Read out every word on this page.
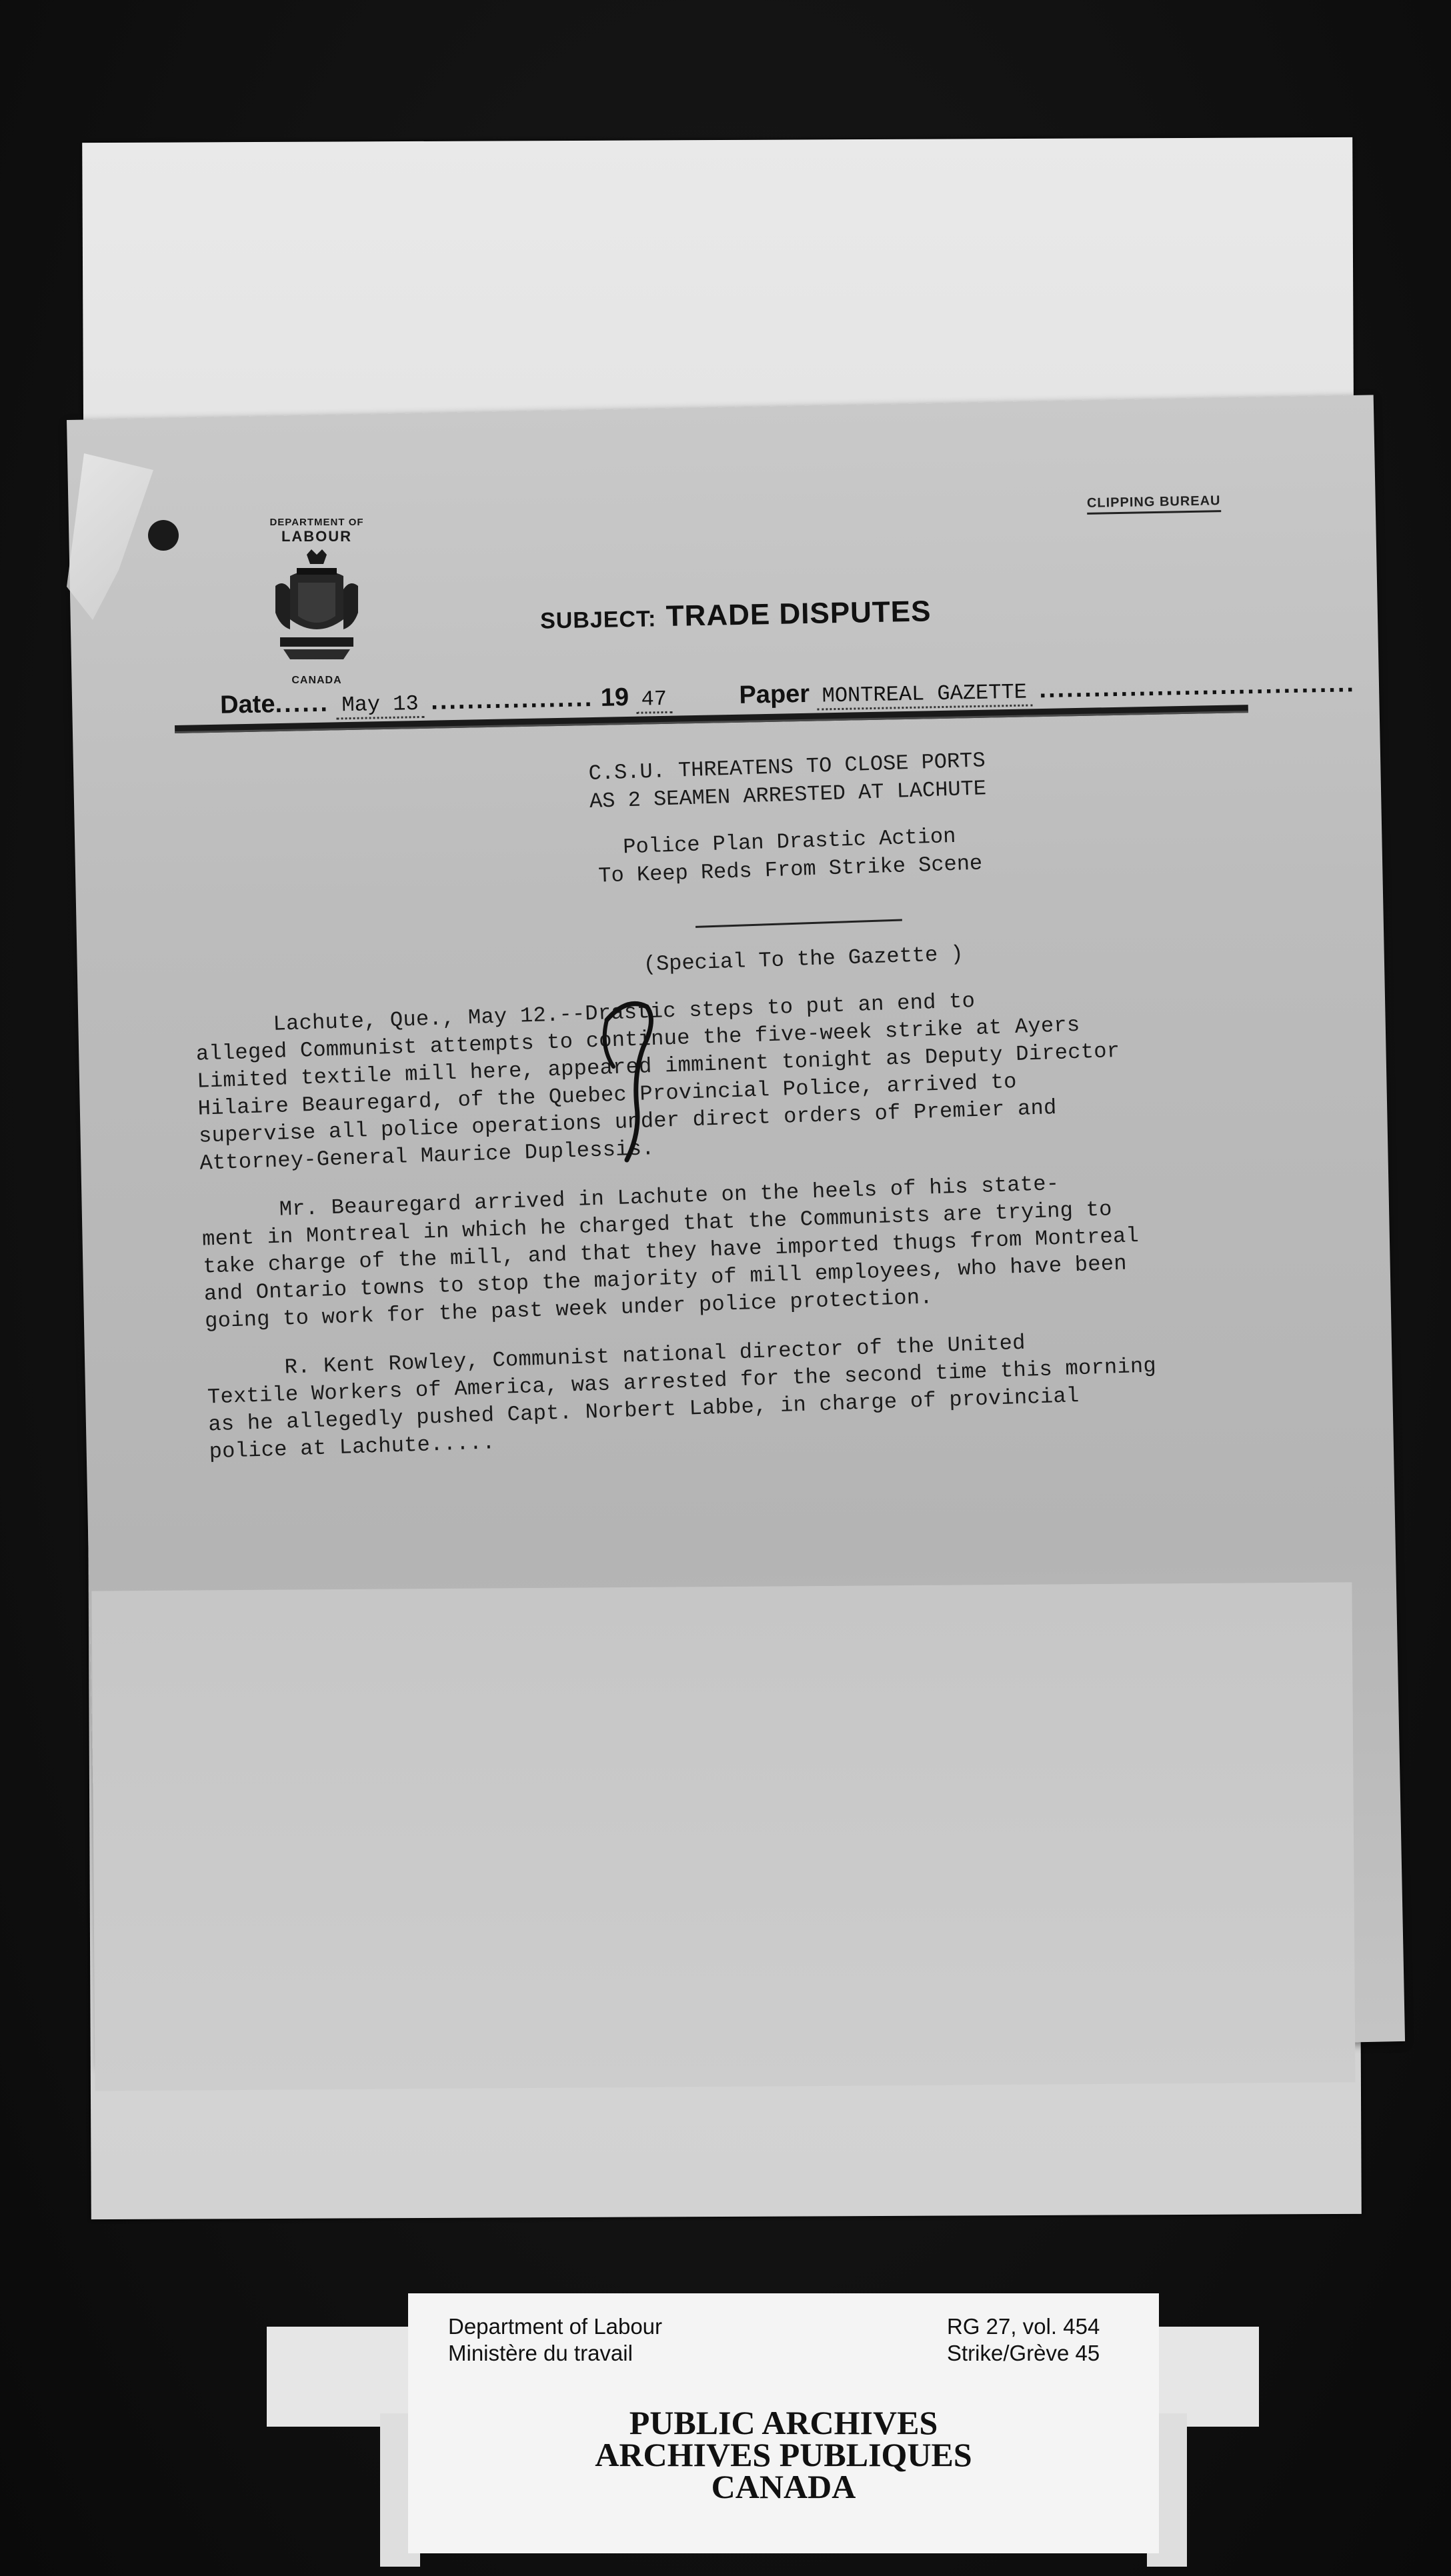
DEPARTMENT OF
LABOUR
CANADA
CLIPPING BUREAU
SUBJECT: TRADE DISPUTES
Date...... May 13 .................. 19 47	Paper MONTREAL GAZETTE ...................................
C.S.U. THREATENS TO CLOSE PORTS
AS 2 SEAMEN ARRESTED AT LACHUTE
Police Plan Drastic Action
To Keep Reds From Strike Scene
(Special To the Gazette )
Lachute, Que., May 12.--Drastic steps to put an end to
alleged Communist attempts to continue the five-week strike at Ayers
Limited textile mill here, appeared imminent tonight as Deputy Director
Hilaire Beauregard, of the Quebec Provincial Police, arrived to
supervise all police operations under direct orders of Premier and
Attorney-General Maurice Duplessis.
Mr. Beauregard arrived in Lachute on the heels of his state-
ment in Montreal in which he charged that the Communists are trying to
take charge of the mill, and that they have imported thugs from Montreal
and Ontario towns to stop the majority of mill employees, who have been
going to work for the past week under police protection.
R. Kent Rowley, Communist national director of the United
Textile Workers of America, was arrested for the second time this morning
as he allegedly pushed Capt. Norbert Labbe, in charge of provincial
police at Lachute.....
Department of Labour
Ministère du travail
RG 27, vol. 454
Strike/Grève 45
PUBLIC ARCHIVES
ARCHIVES PUBLIQUES
CANADA
